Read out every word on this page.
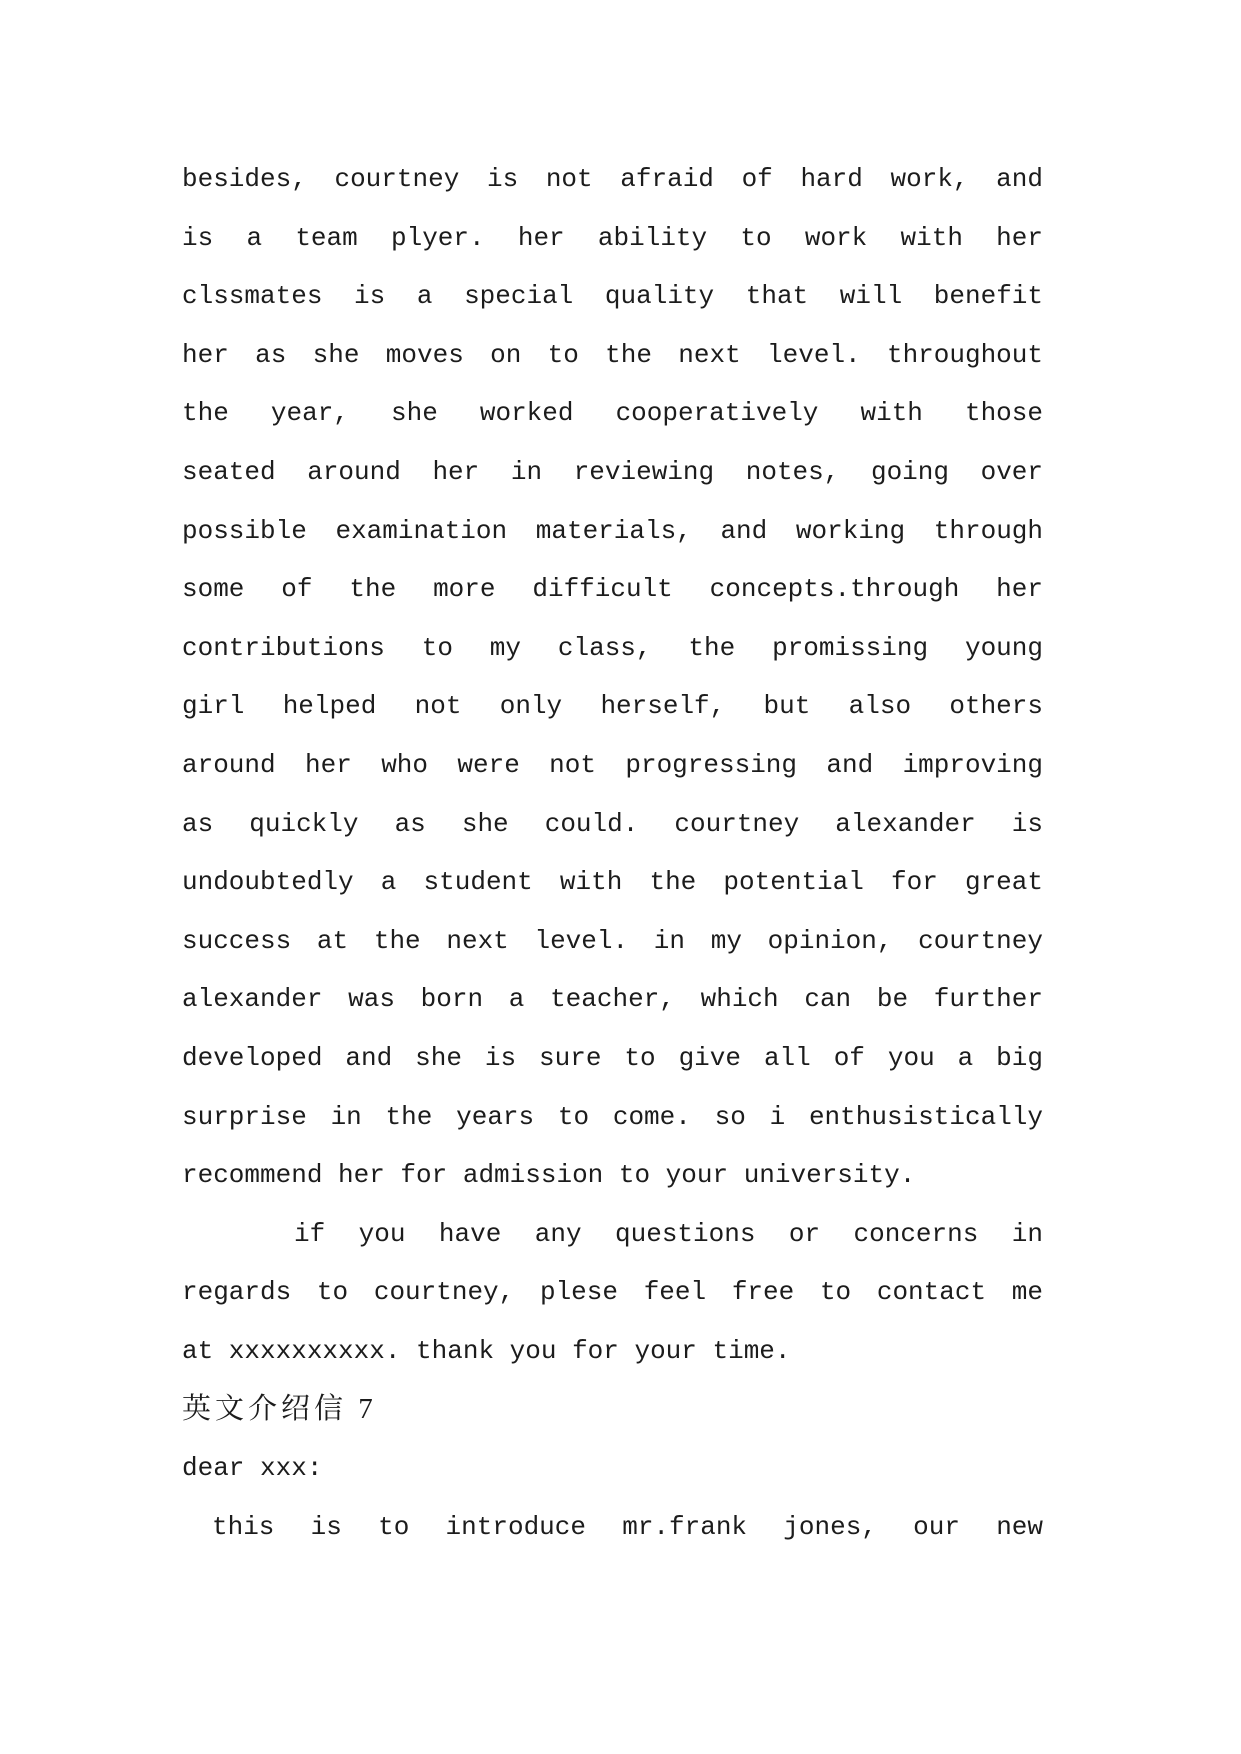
besides, courtney is not afraid of hard work, and
is a team plyer. her ability to work with her
clssmates is a special quality that will benefit
her as she moves on to the next level. throughout
the year, she worked cooperatively with those
seated around her in reviewing notes, going over
possible examination materials, and working through
some of the more difficult concepts.through her
contributions to my class, the promissing young
girl helped not only herself, but also others
around her who were not progressing and improving
as quickly as she could. courtney alexander is
undoubtedly a student with the potential for great
success at the next level. in my opinion, courtney
alexander was born a teacher, which can be further
developed and she is sure to give all of you a big
surprise in the years to come. so i enthusistically
recommend her for admission to your university.
if you have any questions or concerns in
regards to courtney, plese feel free to contact me
at xxxxxxxxxx. thank you for your time.
英文介绍信 7
dear xxx:
this is to introduce mr.frank jones, our new
